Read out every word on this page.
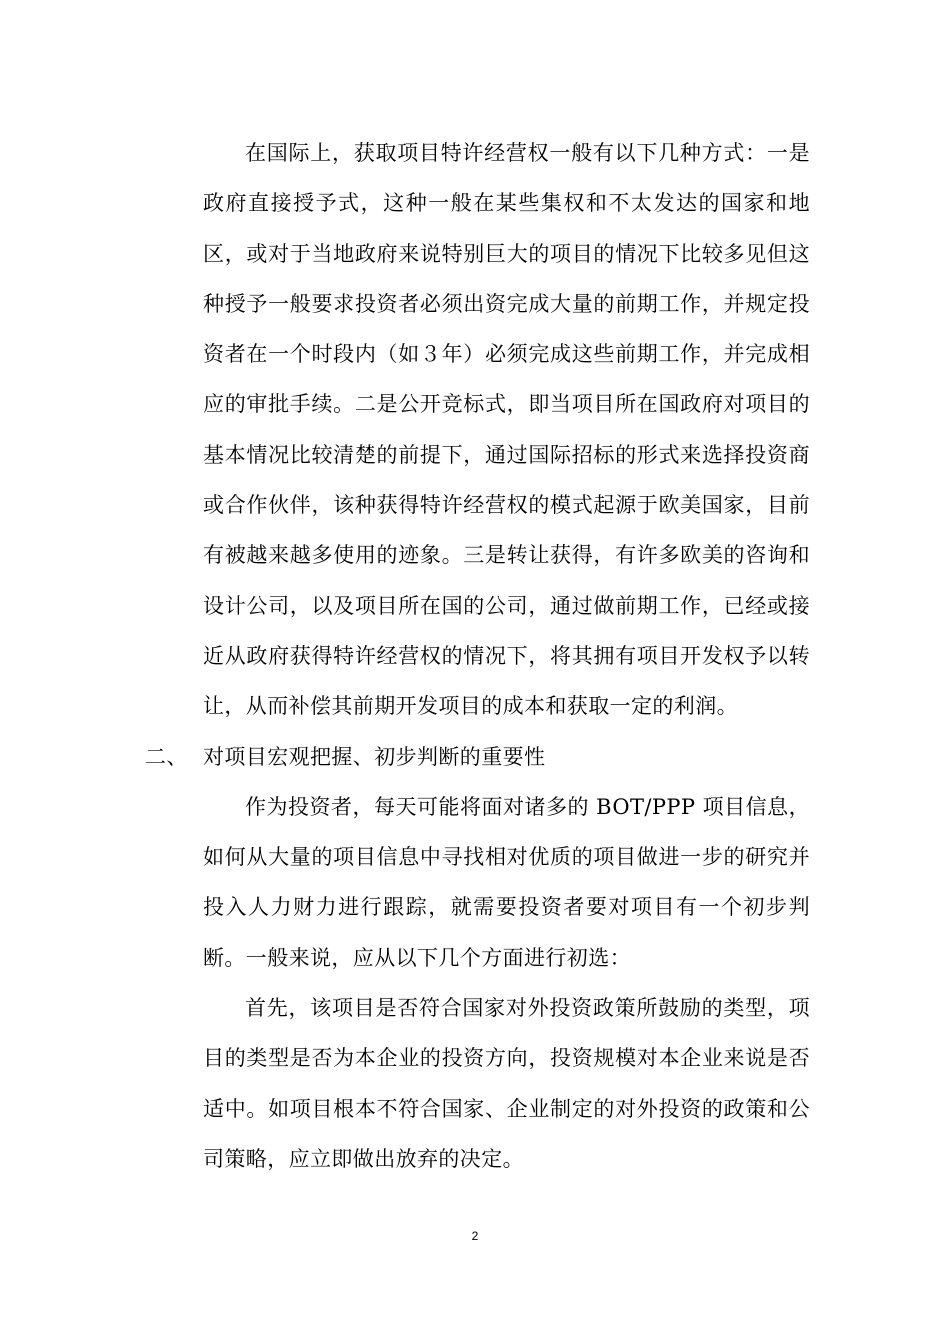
在国际上，获取项目特许经营权一般有以下几种方式：一是政府直接授予式，这种一般在某些集权和不太发达的国家和地区，或对于当地政府来说特别巨大的项目的情况下比较多见但这种授予一般要求投资者必须出资完成大量的前期工作，并规定投资者在一个时段内（如３年）必须完成这些前期工作，并完成相应的审批手续。二是公开竞标式，即当项目所在国政府对项目的基本情况比较清楚的前提下，通过国际招标的形式来选择投资商或合作伙伴，该种获得特许经营权的模式起源于欧美国家，目前有被越来越多使用的迹象。三是转让获得，有许多欧美的咨询和设计公司，以及项目所在国的公司，通过做前期工作，已经或接近从政府获得特许经营权的情况下，将其拥有项目开发权予以转让，从而补偿其前期开发项目的成本和获取一定的利润。

二、 对项目宏观把握、初步判断的重要性

作为投资者，每天可能将面对诸多的 BOT/PPP 项目信息，如何从大量的项目信息中寻找相对优质的项目做进一步的研究并投入人力财力进行跟踪，就需要投资者要对项目有一个初步判断。一般来说，应从以下几个方面进行初选：

首先，该项目是否符合国家对外投资政策所鼓励的类型，项目的类型是否为本企业的投资方向，投资规模对本企业来说是否适中。如项目根本不符合国家、企业制定的对外投资的政策和公司策略，应立即做出放弃的决定。

2
